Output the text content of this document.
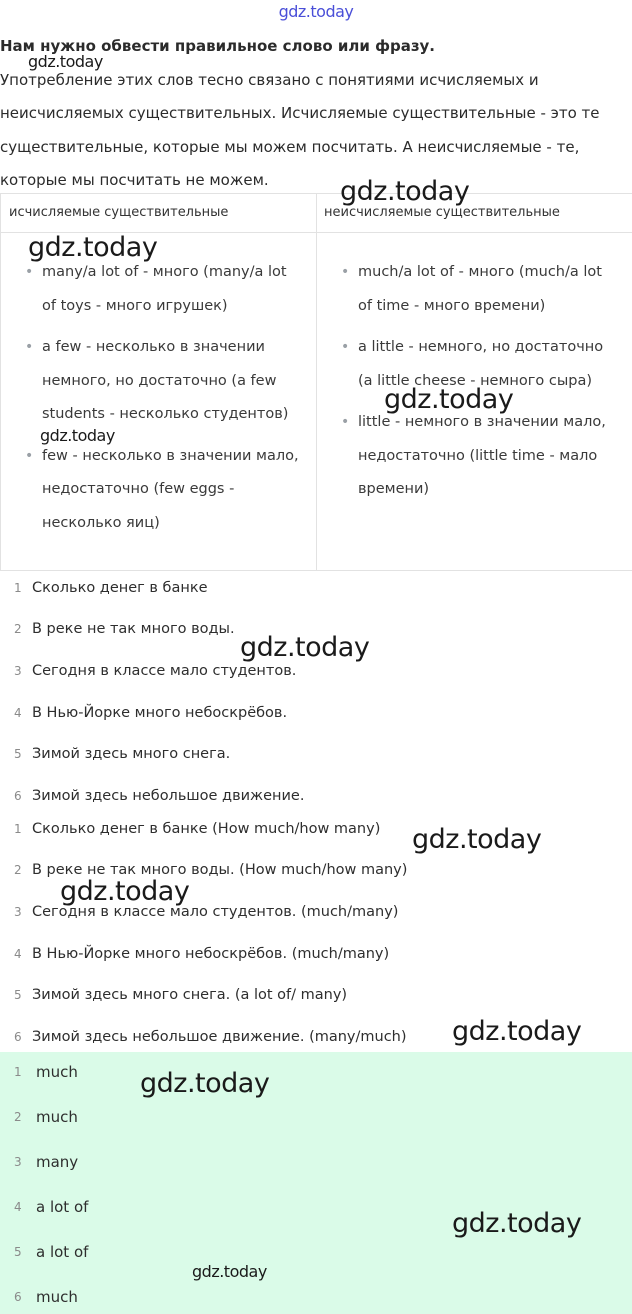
gdz.today
Нам нужно обвести правильное слово или фразу.
Употребление этих слов тесно связано с понятиями исчисляемых и
неисчисляемых существительных. Исчисляемые существительные - это те
существительные, которые мы можем посчитать. А неисчисляемые - те,
которые мы посчитать не можем.
исчисляемые существительные	неисчисляемые существительные
• many/a lot of - много (many/a lot
of toys - много игрушек)
• a few - несколько в значении
немного, но достаточно (a few
students - несколько студентов)
• few - несколько в значении мало,
недостаточно (few eggs -
несколько яиц)
• much/a lot of - много (much/a lot
of time - много времени)
• a little - немного, но достаточно
(a little cheese - немного сыра)
• little - немного в значении мало,
недостаточно (little time - мало
времени)
1 Сколько денег в банке
2 В реке не так много воды.
3 Сегодня в классе мало студентов.
4 В Нью-Йорке много небоскрёбов.
5 Зимой здесь много снега.
6 Зимой здесь небольшое движение.
1 Сколько денег в банке (How much/how many)
2 В реке не так много воды. (How much/how many)
3 Сегодня в классе мало студентов. (much/many)
4 В Нью-Йорке много небоскрёбов. (much/many)
5 Зимой здесь много снега. (a lot of/ many)
6 Зимой здесь небольшое движение. (many/much)
1 much
2 much
3 many
4 a lot of
5 a lot of
6 much
gdz.today
gdz.today
gdz.today
gdz.today
gdz.today
gdz.today
gdz.today
gdz.today
gdz.today
gdz.today
gdz.today
gdz.today
